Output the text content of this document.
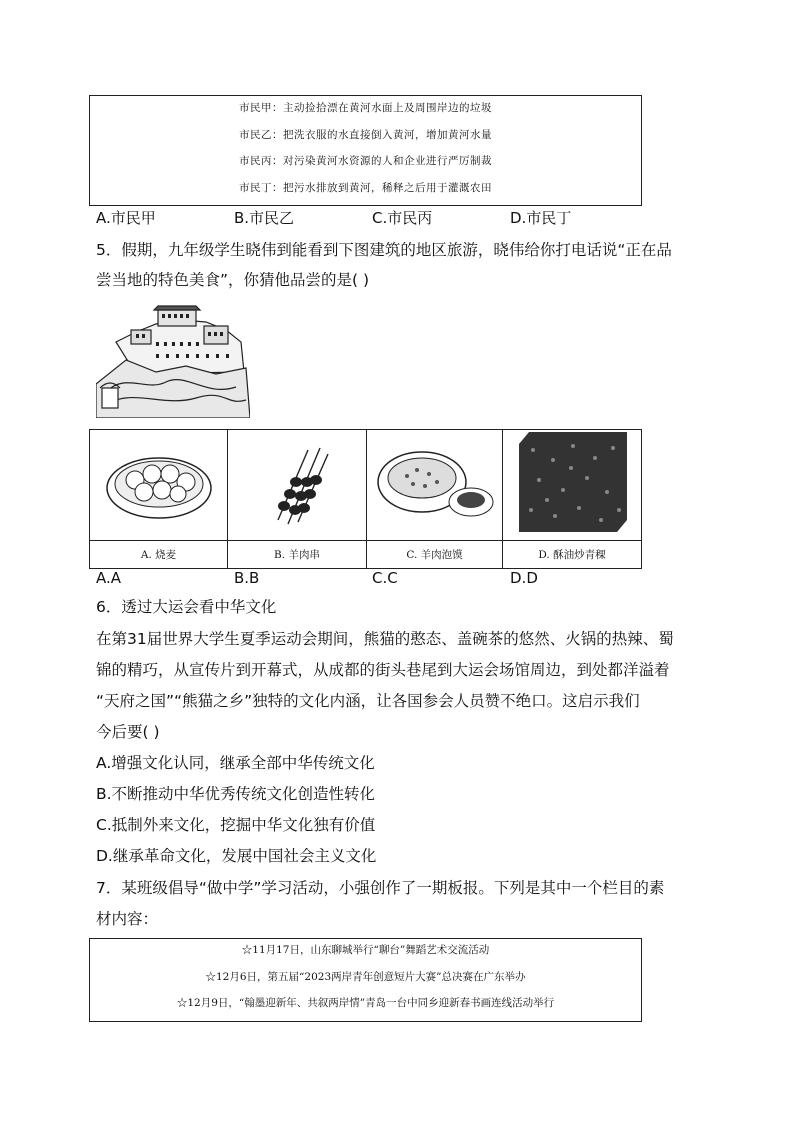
市民甲：主动捡拾漂在黄河水面上及周围岸边的垃圾
市民乙：把洗衣服的水直接倒入黄河，增加黄河水量
市民丙：对污染黄河水资源的人和企业进行严厉制裁
市民丁：把污水排放到黄河，稀释之后用于灌溉农田
A.市民甲	B.市民乙	C.市民丙	D.市民丁
5．假期，九年级学生晓伟到能看到下图建筑的地区旅游，晓伟给你打电话说“正在品
尝当地的特色美食”，你猜他品尝的是( )
A. 烧麦	B. 羊肉串	C. 羊肉泡馍	D. 酥油炒青稞
A.A	B.B	C.C	D.D
6．透过大运会看中华文化
在第31届世界大学生夏季运动会期间，熊猫的憨态、盖碗茶的悠然、火锅的热辣、蜀
锦的精巧，从宣传片到开幕式，从成都的街头巷尾到大运会场馆周边，到处都洋溢着
“天府之国”“熊猫之乡”独特的文化内涵，让各国参会人员赞不绝口。这启示我们
今后要( )
A.增强文化认同，继承全部中华传统文化
B.不断推动中华优秀传统文化创造性转化
C.抵制外来文化，挖掘中华文化独有价值
D.继承革命文化，发展中国社会主义文化
7．某班级倡导“做中学”学习活动，小强创作了一期板报。下列是其中一个栏目的素
材内容：
☆11月17日，山东聊城举行“聊台”舞蹈艺术交流活动
☆12月6日，第五届“2023两岸青年创意短片大赛”总决赛在广东举办
☆12月9日，“翰墨迎新年、共叙两岸情”青岛一台中同乡迎新春书画连线活动举行
